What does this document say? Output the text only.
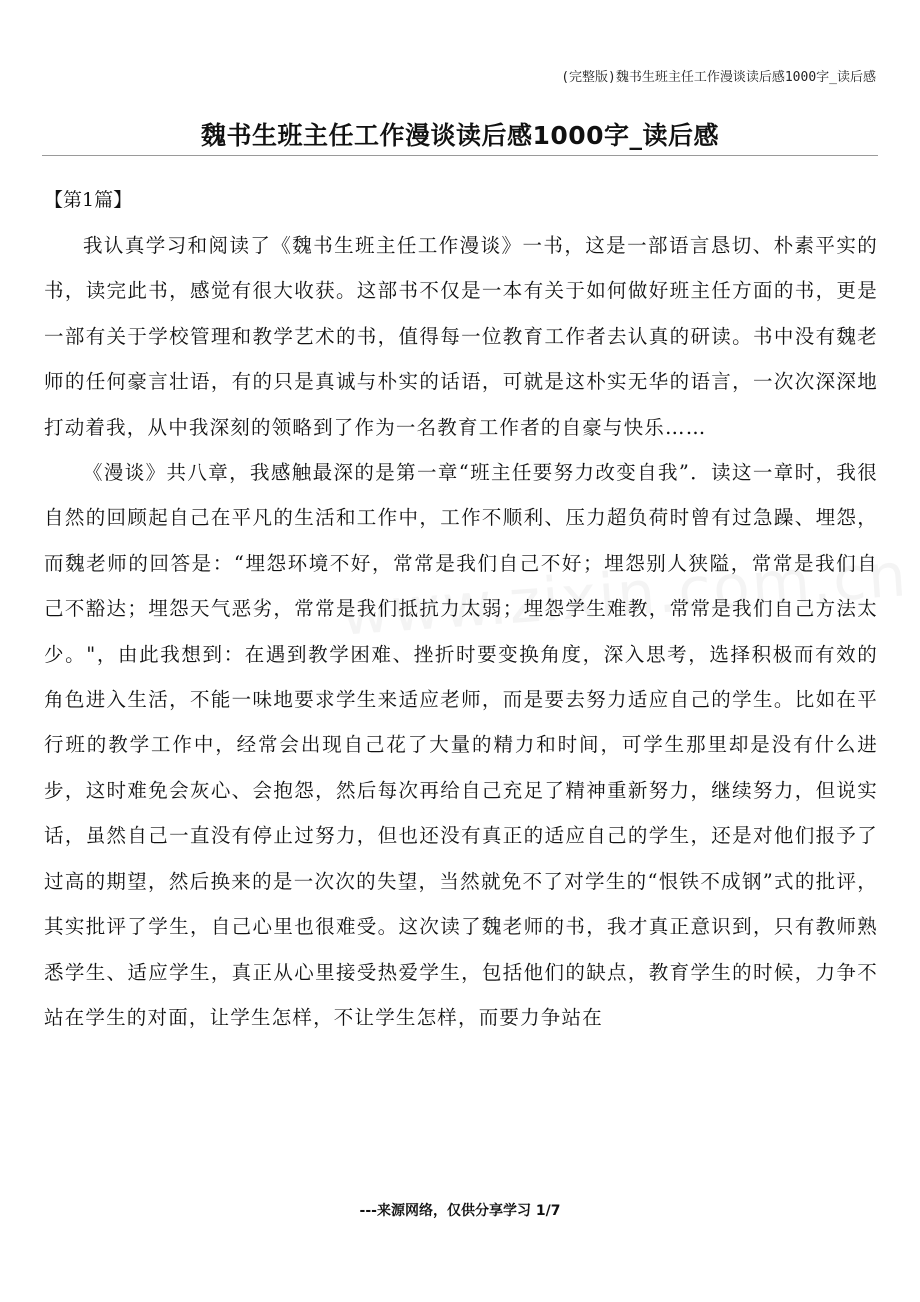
(完整版)魏书生班主任工作漫谈读后感1000字_读后感
魏书生班主任工作漫谈读后感1000字_读后感

【第1篇】

我认真学习和阅读了《魏书生班主任工作漫谈》一书，这是一部语言恳切、朴素平实的书，读完此书，感觉有很大收获。这部书不仅是一本有关于如何做好班主任方面的书，更是一部有关于学校管理和教学艺术的书，值得每一位教育工作者去认真的研读。书中没有魏老师的任何豪言壮语，有的只是真诚与朴实的话语，可就是这朴实无华的语言，一次次深深地打动着我，从中我深刻的领略到了作为一名教育工作者的自豪与快乐……

《漫谈》共八章，我感触最深的是第一章“班主任要努力改变自我”．读这一章时，我很自然的回顾起自己在平凡的生活和工作中，工作不顺利、压力超负荷时曾有过急躁、埋怨，而魏老师的回答是：“埋怨环境不好，常常是我们自己不好；埋怨别人狭隘，常常是我们自己不豁达；埋怨天气恶劣，常常是我们抵抗力太弱；埋怨学生难教，常常是我们自己方法太少。"，由此我想到：在遇到教学困难、挫折时要变换角度，深入思考，选择积极而有效的角色进入生活，不能一味地要求学生来适应老师，而是要去努力适应自己的学生。比如在平行班的教学工作中，经常会出现自己花了大量的精力和时间，可学生那里却是没有什么进步，这时难免会灰心、会抱怨，然后每次再给自己充足了精神重新努力，继续努力，但说实话，虽然自己一直没有停止过努力，但也还没有真正的适应自己的学生，还是对他们报予了过高的期望，然后换来的是一次次的失望，当然就免不了对学生的“恨铁不成钢”式的批评，其实批评了学生，自己心里也很难受。这次读了魏老师的书，我才真正意识到，只有教师熟悉学生、适应学生，真正从心里接受热爱学生，包括他们的缺点，教育学生的时候，力争不站在学生的对面，让学生怎样，不让学生怎样，而要力争站在

---来源网络，仅供分享学习 1/7
